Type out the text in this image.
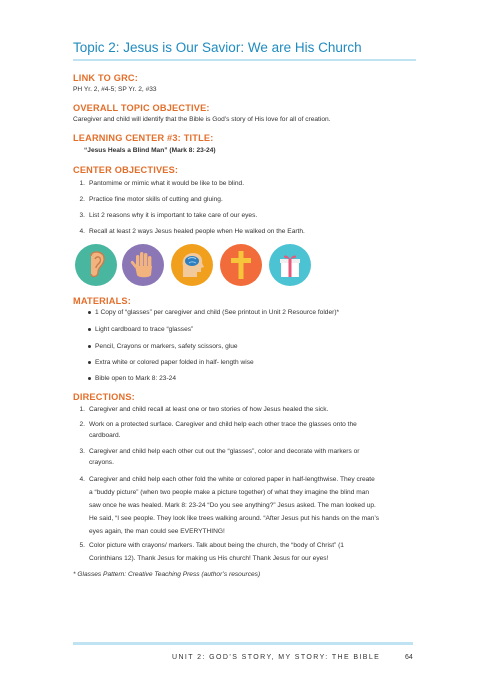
Topic 2: Jesus is Our Savior: We are His Church
LINK TO GRC:
PH Yr. 2, #4-5; SP Yr. 2, #33
OVERALL TOPIC OBJECTIVE:
Caregiver and child will identify that the Bible is God’s story of His love for all of creation.
LEARNING CENTER #3: TITLE:
“Jesus Heals a Blind Man” (Mark 8: 23-24)
CENTER OBJECTIVES:
1. Pantomime or mimic what it would be like to be blind.
2. Practice fine motor skills of cutting and gluing.
3. List 2 reasons why it is important to take care of our eyes.
4. Recall at least 2 ways Jesus healed people when He walked on the Earth.
MATERIALS:
1 Copy of “glasses” per caregiver and child (See printout in Unit 2 Resource folder)*
Light cardboard to trace “glasses”
Pencil, Crayons or markers, safety scissors, glue
Extra white or colored paper folded in half- length wise
Bible open to Mark 8: 23-24
DIRECTIONS:
1. Caregiver and child recall at least one or two stories of how Jesus healed the sick.
2. Work on a protected surface. Caregiver and child help each other trace the glasses onto the
cardboard.
3. Caregiver and child help each other cut out the “glasses”, color and decorate with markers or
crayons.
4. Caregiver and child help each other fold the white or colored paper in half-lengthwise. They create
a “buddy picture” (when two people make a picture together) of what they imagine the blind man
saw once he was healed. Mark 8: 23-24 “Do you see anything?” Jesus asked. The man looked up.
He said, “I see people. They look like trees walking around. “After Jesus put his hands on the man’s
eyes again, the man could see EVERYTHING!
5. Color picture with crayons/ markers. Talk about being the church, the “body of Christ” (1
Corinthians 12). Thank Jesus for making us His church! Thank Jesus for our eyes!
* Glasses Pattern: Creative Teaching Press (author’s resources)
UNIT 2: GOD’S STORY, MY STORY: THE BIBLE	64
